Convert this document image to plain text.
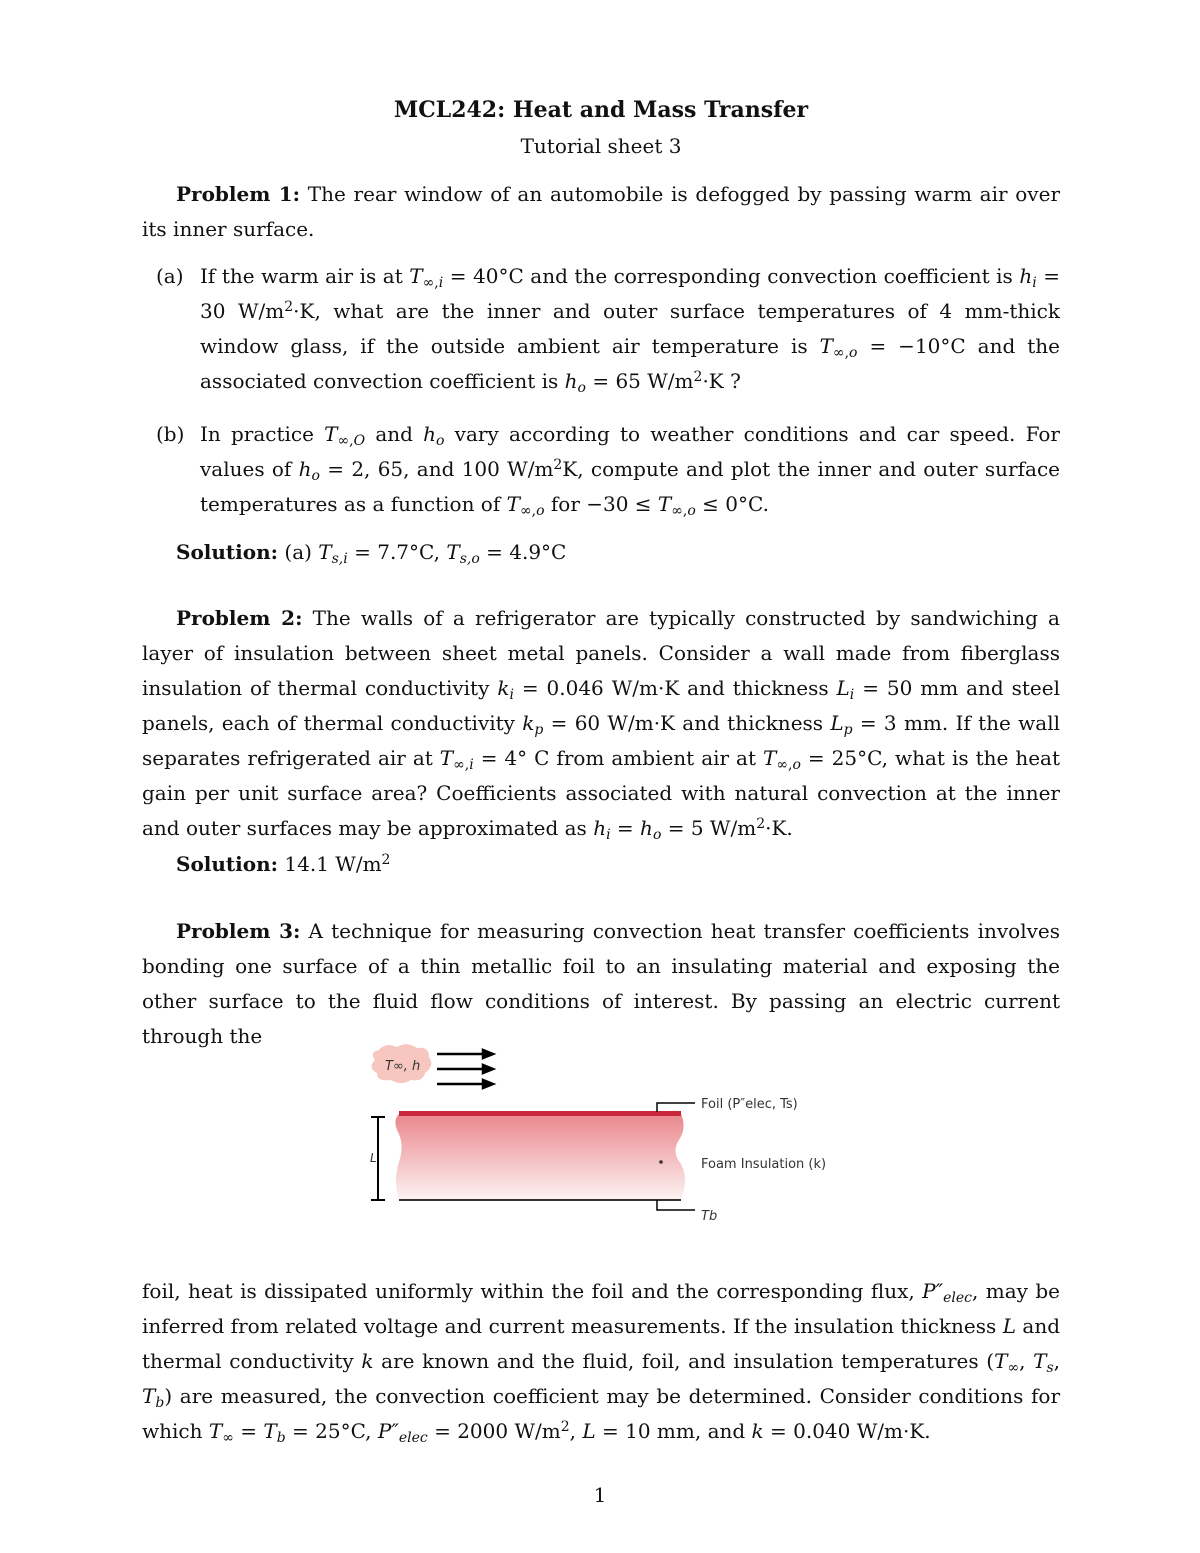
MCL242: Heat and Mass Transfer
Tutorial sheet 3
Problem 1: The rear window of an automobile is defogged by passing warm air over its inner surface.
(a) If the warm air is at $T_{\infty,i} = 40^\circ C$ and the corresponding convection coefficient is $h_i = 30$ $W/m^2\cdot K$, what are the inner and outer surface temperatures of 4 mm-thick window glass, if the outside ambient air temperature is $T_{\infty,o} = -10^\circ C$ and the associated convection coefficient is $h_o = 65$ $W/m^2\cdot K$ ?
(b) In practice $T_{\infty,O}$ and $h_o$ vary according to weather conditions and car speed. For values of $h_o = 2$, 65, and 100 $W/m^2K$, compute and plot the inner and outer surface temperatures as a function of $T_{\infty,o}$ for $-30 \le T_{\infty,o} \le 0^\circ C$.
Solution: (a) $T_{s,i} = 7.7^\circ C$, $T_{s,o} = 4.9^\circ C$
Problem 2: The walls of a refrigerator are typically constructed by sandwiching a layer of insulation between sheet metal panels. Consider a wall made from fiberglass insulation of thermal conductivity $k_i = 0.046$ W/m·K and thickness $L_i = 50$ mm and steel panels, each of thermal conductivity $k_p = 60$ W/m·K and thickness $L_p = 3$ mm. If the wall separates refrigerated air at $T_{\infty,i} = 4^\circ$ C from ambient air at $T_{\infty,o} = 25^\circ C$, what is the heat gain per unit surface area? Coefficients associated with natural convection at the inner and outer surfaces may be approximated as $h_i = h_o = 5$ $W/m^2\cdot K$.
Solution: 14.1 $W/m^2$
Problem 3: A technique for measuring convection heat transfer coefficients involves bonding one surface of a thin metallic foil to an insulating material and exposing the other surface to the fluid flow conditions of interest. By passing an electric current through the
foil, heat is dissipated uniformly within the foil and the corresponding flux, $P''_{elec}$, may be inferred from related voltage and current measurements. If the insulation thickness L and thermal conductivity k are known and the fluid, foil, and insulation temperatures ($T_\infty$, $T_s$, $T_b$) are measured, the convection coefficient may be determined. Consider conditions for which $T_\infty = T_b = 25^\circ C$, $P''_{elec} = 2000$ $W/m^2$, L = 10 mm, and k = 0.040 W/m·K.
T∞, h
L
Foil (P″elec, Ts)
Foam Insulation (k)
Tb
1
